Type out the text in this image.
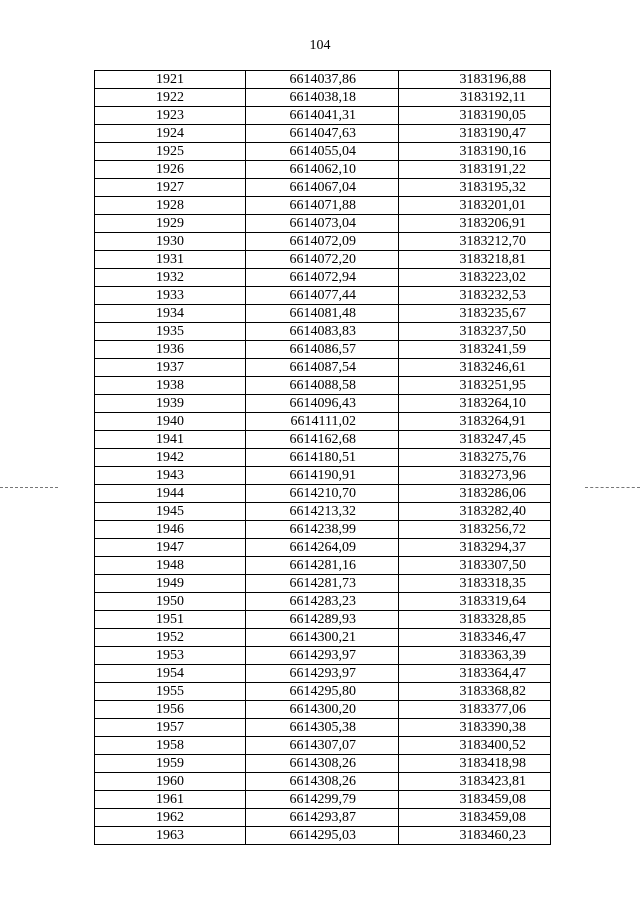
104
1921	6614037,86	3183196,88
1922	6614038,18	3183192,11
1923	6614041,31	3183190,05
1924	6614047,63	3183190,47
1925	6614055,04	3183190,16
1926	6614062,10	3183191,22
1927	6614067,04	3183195,32
1928	6614071,88	3183201,01
1929	6614073,04	3183206,91
1930	6614072,09	3183212,70
1931	6614072,20	3183218,81
1932	6614072,94	3183223,02
1933	6614077,44	3183232,53
1934	6614081,48	3183235,67
1935	6614083,83	3183237,50
1936	6614086,57	3183241,59
1937	6614087,54	3183246,61
1938	6614088,58	3183251,95
1939	6614096,43	3183264,10
1940	6614111,02	3183264,91
1941	6614162,68	3183247,45
1942	6614180,51	3183275,76
1943	6614190,91	3183273,96
1944	6614210,70	3183286,06
1945	6614213,32	3183282,40
1946	6614238,99	3183256,72
1947	6614264,09	3183294,37
1948	6614281,16	3183307,50
1949	6614281,73	3183318,35
1950	6614283,23	3183319,64
1951	6614289,93	3183328,85
1952	6614300,21	3183346,47
1953	6614293,97	3183363,39
1954	6614293,97	3183364,47
1955	6614295,80	3183368,82
1956	6614300,20	3183377,06
1957	6614305,38	3183390,38
1958	6614307,07	3183400,52
1959	6614308,26	3183418,98
1960	6614308,26	3183423,81
1961	6614299,79	3183459,08
1962	6614293,87	3183459,08
1963	6614295,03	3183460,23
